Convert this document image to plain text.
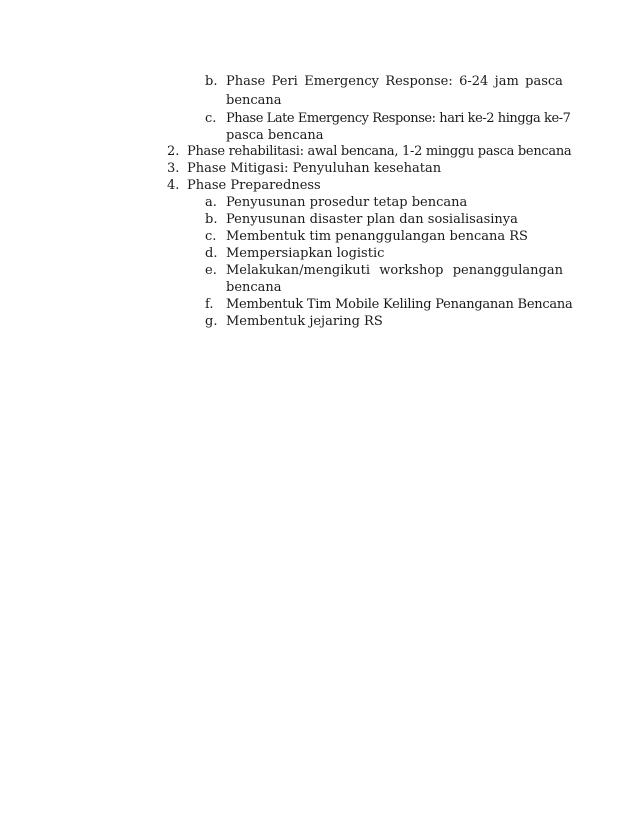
b. Phase Peri Emergency Response: 6-24 jam pasca
bencana
c. Phase Late Emergency Response: hari ke-2 hingga ke-7
pasca bencana
2. Phase rehabilitasi: awal bencana, 1-2 minggu pasca bencana
3. Phase Mitigasi: Penyuluhan kesehatan
4. Phase Preparedness
a. Penyusunan prosedur tetap bencana
b. Penyusunan disaster plan dan sosialisasinya
c. Membentuk tim penanggulangan bencana RS
d. Mempersiapkan logistic
e. Melakukan/mengikuti workshop penanggulangan
bencana
f. Membentuk Tim Mobile Keliling Penanganan Bencana
g. Membentuk jejaring RS
